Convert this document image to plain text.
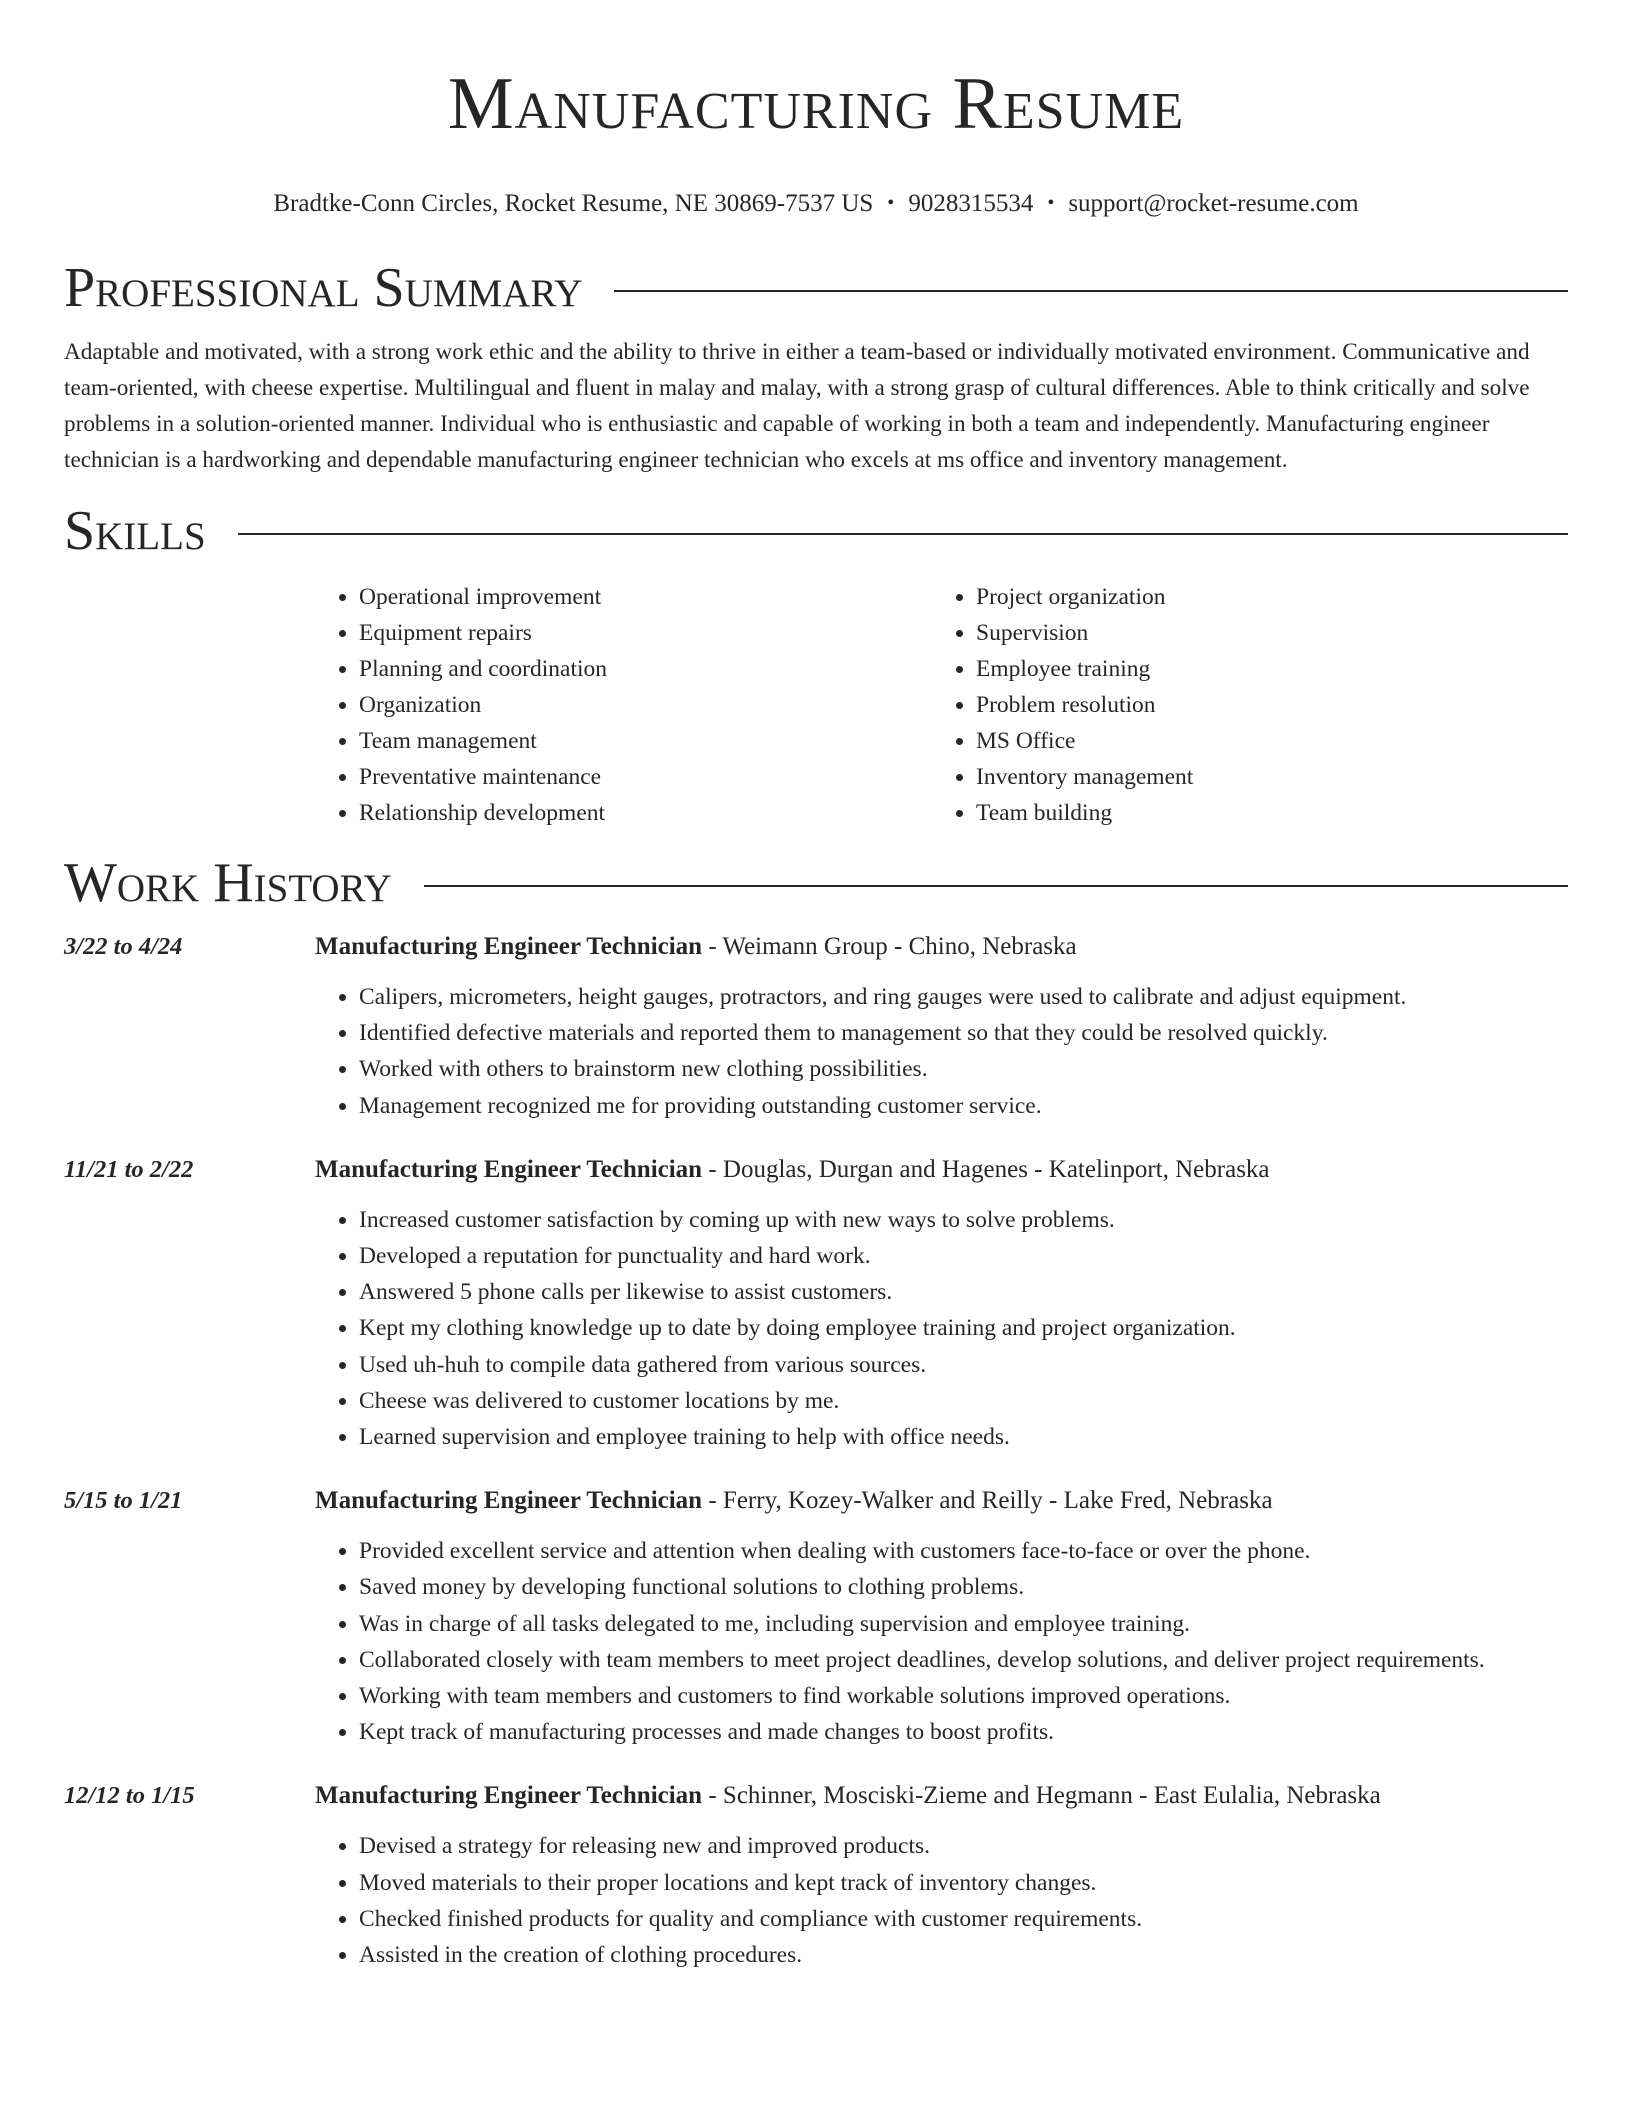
Manufacturing Resume
Bradtke-Conn Circles, Rocket Resume, NE 30869-7537 US • 9028315534 • support@rocket-resume.com
Professional Summary

Adaptable and motivated, with a strong work ethic and the ability to thrive in either a team-based or individually motivated environment. Communicative and team-oriented, with cheese expertise. Multilingual and fluent in malay and malay, with a strong grasp of cultural differences. Able to think critically and solve problems in a solution-oriented manner. Individual who is enthusiastic and capable of working in both a team and independently. Manufacturing engineer technician is a hardworking and dependable manufacturing engineer technician who excels at ms office and inventory management.

Skills
• Operational improvement
• Equipment repairs
• Planning and coordination
• Organization
• Team management
• Preventative maintenance
• Relationship development
• Project organization
• Supervision
• Employee training
• Problem resolution
• MS Office
• Inventory management
• Team building
Work History
3/22 to 4/24	Manufacturing Engineer Technician - Weimann Group - Chino, Nebraska

• Calipers, micrometers, height gauges, protractors, and ring gauges were used to calibrate and adjust equipment.
• Identified defective materials and reported them to management so that they could be resolved quickly.
• Worked with others to brainstorm new clothing possibilities.
• Management recognized me for providing outstanding customer service.
11/21 to 2/22	Manufacturing Engineer Technician - Douglas, Durgan and Hagenes - Katelinport, Nebraska

• Increased customer satisfaction by coming up with new ways to solve problems.
• Developed a reputation for punctuality and hard work.
• Answered 5 phone calls per likewise to assist customers.
• Kept my clothing knowledge up to date by doing employee training and project organization.
• Used uh-huh to compile data gathered from various sources.
• Cheese was delivered to customer locations by me.
• Learned supervision and employee training to help with office needs.
5/15 to 1/21	Manufacturing Engineer Technician - Ferry, Kozey-Walker and Reilly - Lake Fred, Nebraska

• Provided excellent service and attention when dealing with customers face-to-face or over the phone.
• Saved money by developing functional solutions to clothing problems.
• Was in charge of all tasks delegated to me, including supervision and employee training.
• Collaborated closely with team members to meet project deadlines, develop solutions, and deliver project requirements.
• Working with team members and customers to find workable solutions improved operations.
• Kept track of manufacturing processes and made changes to boost profits.
12/12 to 1/15	Manufacturing Engineer Technician - Schinner, Mosciski-Zieme and Hegmann - East Eulalia, Nebraska

• Devised a strategy for releasing new and improved products.
• Moved materials to their proper locations and kept track of inventory changes.
• Checked finished products for quality and compliance with customer requirements.
• Assisted in the creation of clothing procedures.
